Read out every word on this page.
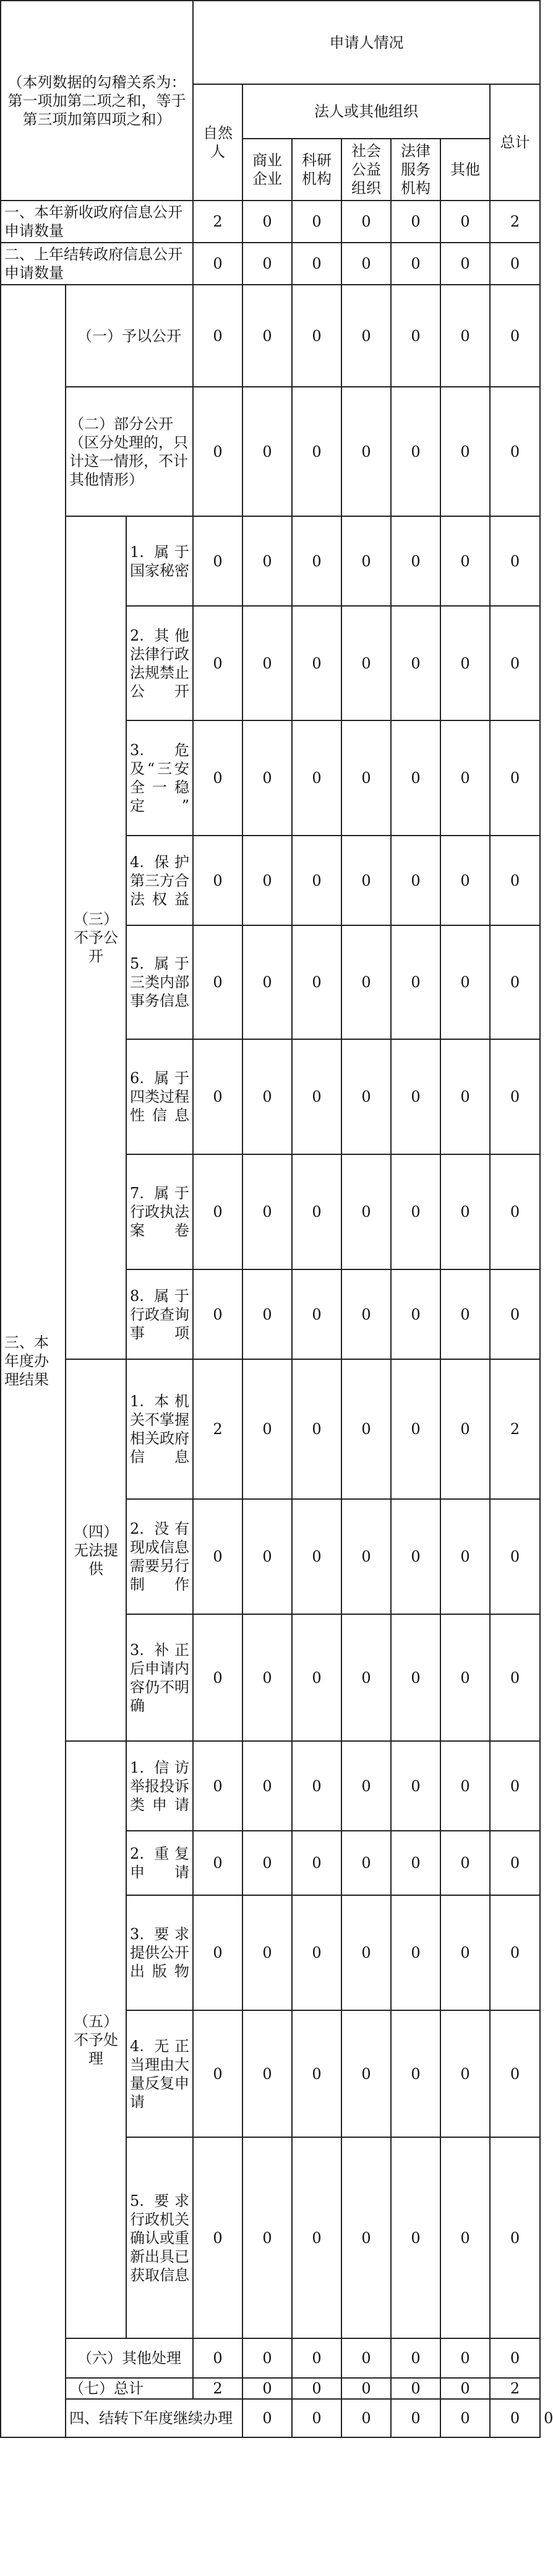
（本列数据的勾稽关系为：第一项加第二项之和，等于第三项加第四项之和）			申请人情况							
			自然人	法人或其他组织					总计	
				商业企业	科研机构	社会公益组织	法律服务机构	其他		
一、本年新收政府信息公开申请数量			2	0	0	0	0	0	2	
二、上年结转政府信息公开申请数量			0	0	0	0	0	0	0	
三、本年度办理结果	（一）予以公开		0	0	0	0	0	0	0	
	（二）部分公开（区分处理的，只计这一情形，不计其他情形）		0	0	0	0	0	0	0	
	（三）不予公开	1. 属于国家秘密	0	0	0	0	0	0	0	
		2. 其他法律行政法规禁止公开	0	0	0	0	0	0	0	
		3. 危及“三安全一稳定”	0	0	0	0	0	0	0	
		4. 保护第三方合法权益	0	0	0	0	0	0	0	
		5. 属于三类内部事务信息	0	0	0	0	0	0	0	
		6. 属于四类过程性信息	0	0	0	0	0	0	0	
		7. 属于行政执法案卷	0	0	0	0	0	0	0	
		8. 属于行政查询事项	0	0	0	0	0	0	0	
	（四）无法提供	1. 本机关不掌握相关政府信息	2	0	0	0	0	0	2	
		2. 没有现成信息需要另行制作	0	0	0	0	0	0	0	
		3. 补正后申请内容仍不明确	0	0	0	0	0	0	0	
	（五）不予处理	1. 信访举报投诉类申请	0	0	0	0	0	0	0	
		2. 重复申请	0	0	0	0	0	0	0	
		3. 要求提供公开出版物	0	0	0	0	0	0	0	
		4. 无正当理由大量反复申请	0	0	0	0	0	0	0	
		5. 要求行政机关确认或重新出具已获取信息	0	0	0	0	0	0	0	
	（六）其他处理		0	0	0	0	0	0	0	
	（七）总计		2	0	0	0	0	0	2	
	四、结转下年度继续办理			0	0	0	0	0	0	0
